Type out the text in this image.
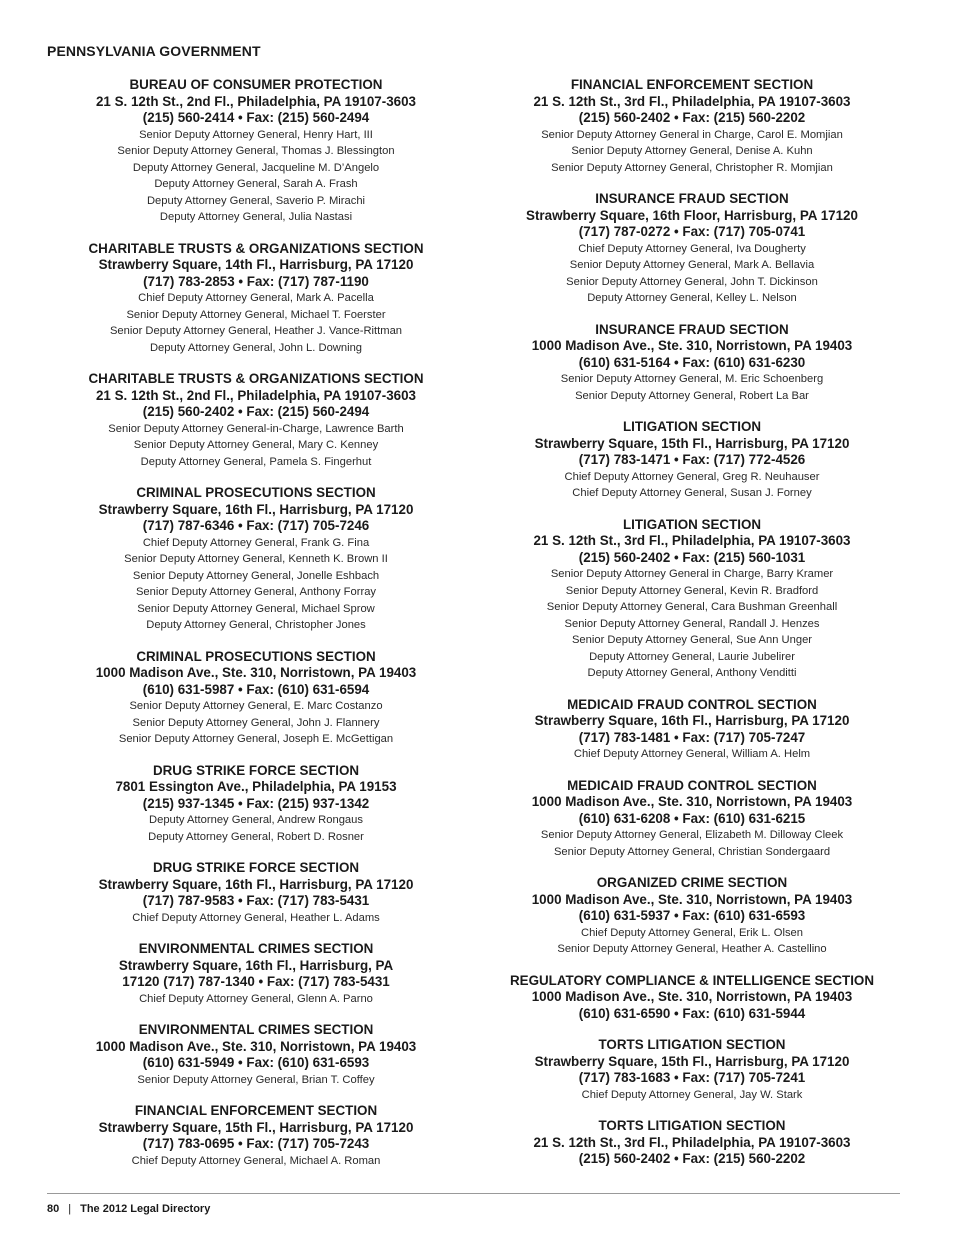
PENNSYLVANIA GOVERNMENT
BUREAU OF CONSUMER PROTECTION
21 S. 12th St., 2nd Fl., Philadelphia, PA 19107-3603
(215) 560-2414 • Fax: (215) 560-2494
Senior Deputy Attorney General, Henry Hart, III
Senior Deputy Attorney General, Thomas J. Blessington
Deputy Attorney General, Jacqueline M. D’Angelo
Deputy Attorney General, Sarah A. Frash
Deputy Attorney General, Saverio P. Mirachi
Deputy Attorney General, Julia Nastasi
CHARITABLE TRUSTS & ORGANIZATIONS SECTION
Strawberry Square, 14th Fl., Harrisburg, PA 17120
(717) 783-2853 • Fax: (717) 787-1190
Chief Deputy Attorney General, Mark A. Pacella
Senior Deputy Attorney General, Michael T. Foerster
Senior Deputy Attorney General, Heather J. Vance-Rittman
Deputy Attorney General, John L. Downing
CHARITABLE TRUSTS & ORGANIZATIONS SECTION
21 S. 12th St., 2nd Fl., Philadelphia, PA 19107-3603
(215) 560-2402 • Fax: (215) 560-2494
Senior Deputy Attorney General-in-Charge, Lawrence Barth
Senior Deputy Attorney General, Mary C. Kenney
Deputy Attorney General, Pamela S. Fingerhut
CRIMINAL PROSECUTIONS SECTION
Strawberry Square, 16th Fl., Harrisburg, PA 17120
(717) 787-6346 • Fax: (717) 705-7246
Chief Deputy Attorney General, Frank G. Fina
Senior Deputy Attorney General, Kenneth K. Brown II
Senior Deputy Attorney General, Jonelle Eshbach
Senior Deputy Attorney General, Anthony Forray
Senior Deputy Attorney General, Michael Sprow
Deputy Attorney General, Christopher Jones
CRIMINAL PROSECUTIONS SECTION
1000 Madison Ave., Ste. 310, Norristown, PA 19403
(610) 631-5987 • Fax: (610) 631-6594
Senior Deputy Attorney General, E. Marc Costanzo
Senior Deputy Attorney General, John J. Flannery
Senior Deputy Attorney General, Joseph E. McGettigan
DRUG STRIKE FORCE SECTION
7801 Essington Ave., Philadelphia, PA 19153
(215) 937-1345 • Fax: (215) 937-1342
Deputy Attorney General, Andrew Rongaus
Deputy Attorney General, Robert D. Rosner
DRUG STRIKE FORCE SECTION
Strawberry Square, 16th Fl., Harrisburg, PA 17120
(717) 787-9583 • Fax: (717) 783-5431
Chief Deputy Attorney General, Heather L. Adams
ENVIRONMENTAL CRIMES SECTION
Strawberry Square, 16th Fl., Harrisburg, PA
17120 (717) 787-1340 • Fax: (717) 783-5431
Chief Deputy Attorney General, Glenn A. Parno
ENVIRONMENTAL CRIMES SECTION
1000 Madison Ave., Ste. 310, Norristown, PA 19403
(610) 631-5949 • Fax: (610) 631-6593
Senior Deputy Attorney General, Brian T. Coffey
FINANCIAL ENFORCEMENT SECTION
Strawberry Square, 15th Fl., Harrisburg, PA 17120
(717) 783-0695 • Fax: (717) 705-7243
Chief Deputy Attorney General, Michael A. Roman
FINANCIAL ENFORCEMENT SECTION
21 S. 12th St., 3rd Fl., Philadelphia, PA 19107-3603
(215) 560-2402 • Fax: (215) 560-2202
Senior Deputy Attorney General in Charge, Carol E. Momjian
Senior Deputy Attorney General, Denise A. Kuhn
Senior Deputy Attorney General, Christopher R. Momjian
INSURANCE FRAUD SECTION
Strawberry Square, 16th Floor, Harrisburg, PA 17120
(717) 787-0272 • Fax: (717) 705-0741
Chief Deputy Attorney General, Iva Dougherty
Senior Deputy Attorney General, Mark A. Bellavia
Senior Deputy Attorney General, John T. Dickinson
Deputy Attorney General, Kelley L. Nelson
INSURANCE FRAUD SECTION
1000 Madison Ave., Ste. 310, Norristown, PA 19403
(610) 631-5164 • Fax: (610) 631-6230
Senior Deputy Attorney General, M. Eric Schoenberg
Senior Deputy Attorney General, Robert La Bar
LITIGATION SECTION
Strawberry Square, 15th Fl., Harrisburg, PA 17120
(717) 783-1471 • Fax: (717) 772-4526
Chief Deputy Attorney General, Greg R. Neuhauser
Chief Deputy Attorney General, Susan J. Forney
LITIGATION SECTION
21 S. 12th St., 3rd Fl., Philadelphia, PA 19107-3603
(215) 560-2402 • Fax: (215) 560-1031
Senior Deputy Attorney General in Charge, Barry Kramer
Senior Deputy Attorney General, Kevin R. Bradford
Senior Deputy Attorney General, Cara Bushman Greenhall
Senior Deputy Attorney General, Randall J. Henzes
Senior Deputy Attorney General, Sue Ann Unger
Deputy Attorney General, Laurie Jubelirer
Deputy Attorney General, Anthony Venditti
MEDICAID FRAUD CONTROL SECTION
Strawberry Square, 16th Fl., Harrisburg, PA 17120
(717) 783-1481 • Fax: (717) 705-7247
Chief Deputy Attorney General, William A. Helm
MEDICAID FRAUD CONTROL SECTION
1000 Madison Ave., Ste. 310, Norristown, PA 19403
(610) 631-6208 • Fax: (610) 631-6215
Senior Deputy Attorney General, Elizabeth M. Dilloway Cleek
Senior Deputy Attorney General, Christian Sondergaard
ORGANIZED CRIME SECTION
1000 Madison Ave., Ste. 310, Norristown, PA 19403
(610) 631-5937 • Fax: (610) 631-6593
Chief Deputy Attorney General, Erik L. Olsen
Senior Deputy Attorney General, Heather A. Castellino
REGULATORY COMPLIANCE & INTELLIGENCE SECTION
1000 Madison Ave., Ste. 310, Norristown, PA 19403
(610) 631-6590 • Fax: (610) 631-5944
TORTS LITIGATION SECTION
Strawberry Square, 15th Fl., Harrisburg, PA 17120
(717) 783-1683 • Fax: (717) 705-7241
Chief Deputy Attorney General, Jay W. Stark
TORTS LITIGATION SECTION
21 S. 12th St., 3rd Fl., Philadelphia, PA 19107-3603
(215) 560-2402 • Fax: (215) 560-2202
80 | The 2012 Legal Directory
